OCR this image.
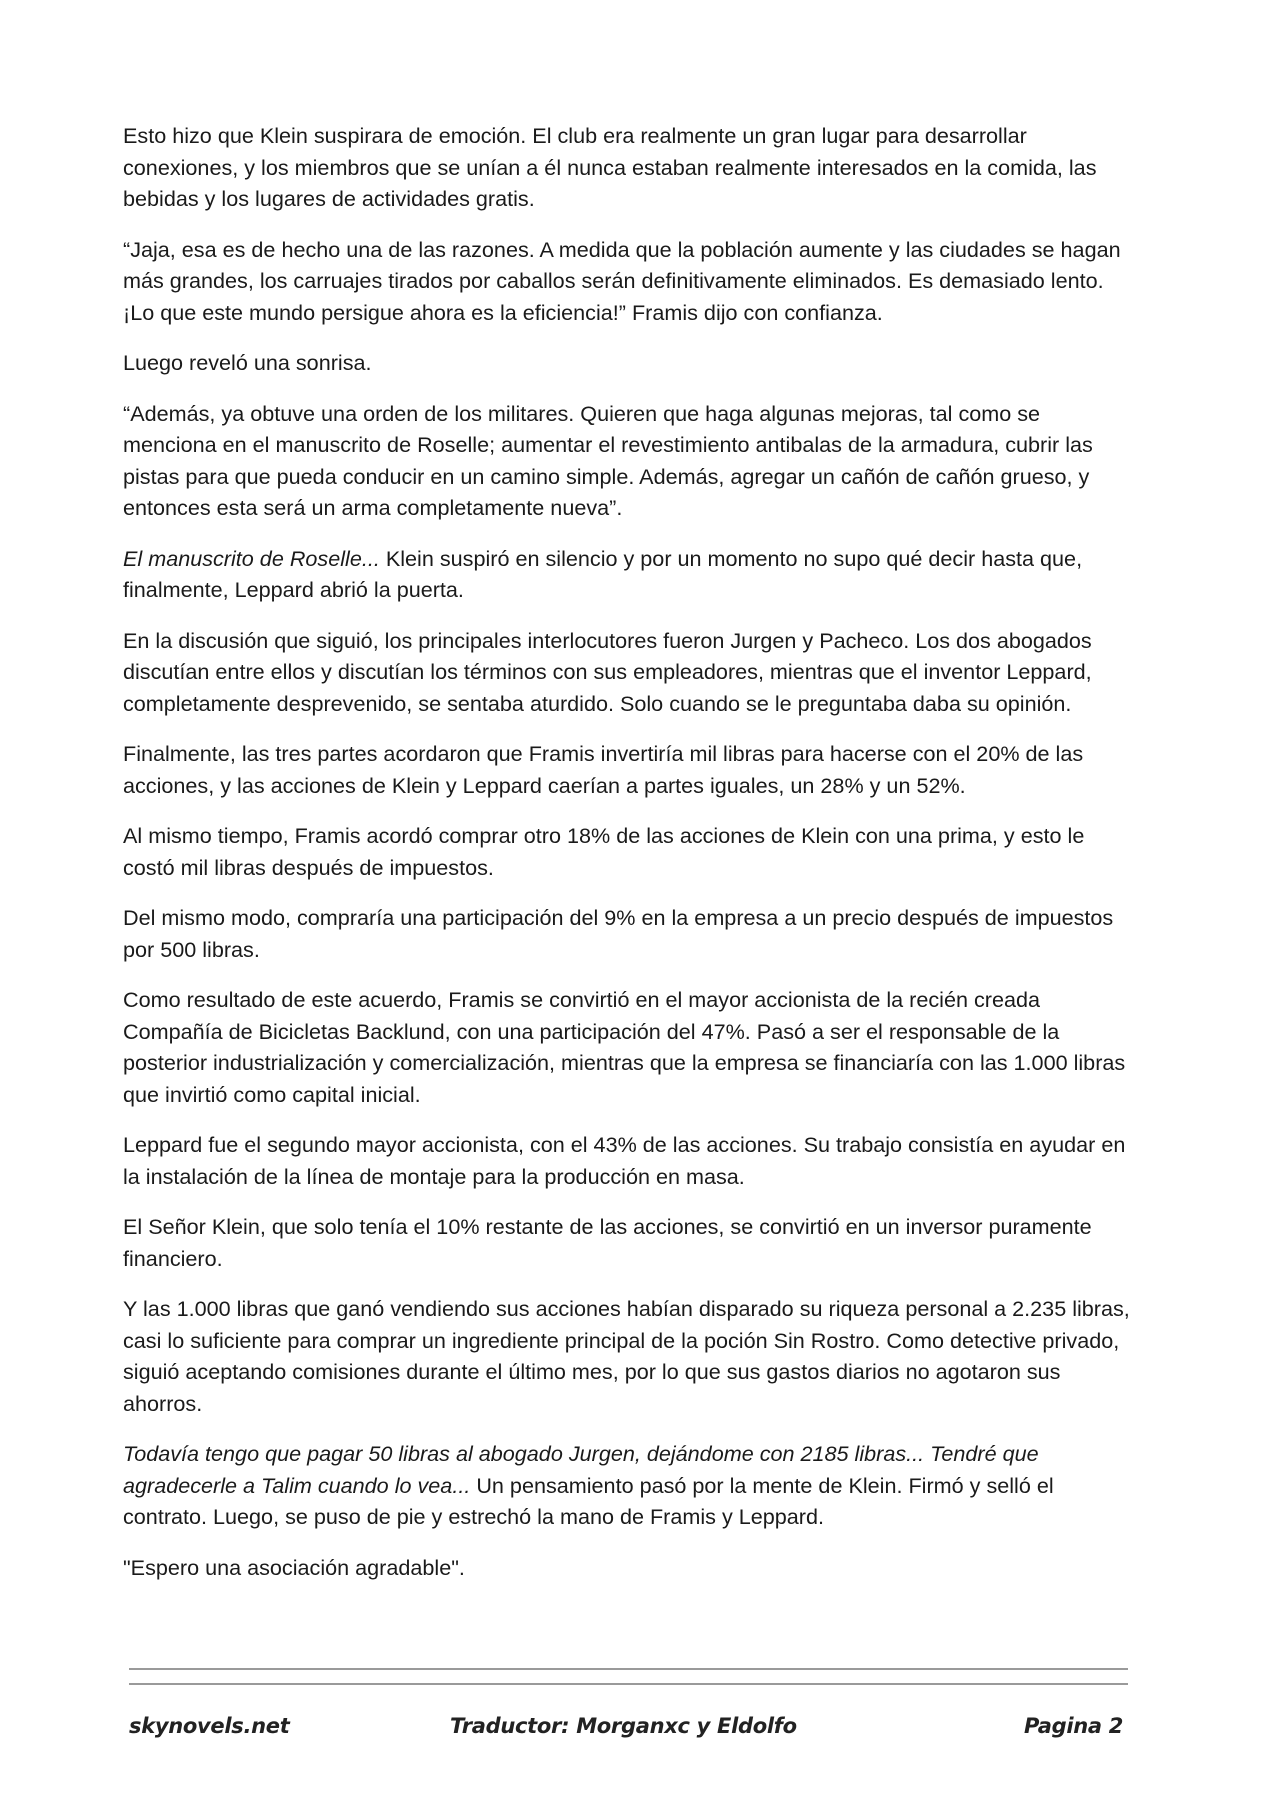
Esto hizo que Klein suspirara de emoción. El club era realmente un gran lugar para desarrollar conexiones, y los miembros que se unían a él nunca estaban realmente interesados en la comida, las bebidas y los lugares de actividades gratis.

“Jaja, esa es de hecho una de las razones. A medida que la población aumente y las ciudades se hagan más grandes, los carruajes tirados por caballos serán definitivamente eliminados. Es demasiado lento. ¡Lo que este mundo persigue ahora es la eficiencia!” Framis dijo con confianza.

Luego reveló una sonrisa.

“Además, ya obtuve una orden de los militares. Quieren que haga algunas mejoras, tal como se menciona en el manuscrito de Roselle; aumentar el revestimiento antibalas de la armadura, cubrir las pistas para que pueda conducir en un camino simple. Además, agregar un cañón de cañón grueso, y entonces esta será un arma completamente nueva”.

El manuscrito de Roselle... Klein suspiró en silencio y por un momento no supo qué decir hasta que, finalmente, Leppard abrió la puerta.

En la discusión que siguió, los principales interlocutores fueron Jurgen y Pacheco. Los dos abogados discutían entre ellos y discutían los términos con sus empleadores, mientras que el inventor Leppard, completamente desprevenido, se sentaba aturdido. Solo cuando se le preguntaba daba su opinión.

Finalmente, las tres partes acordaron que Framis invertiría mil libras para hacerse con el 20% de las acciones, y las acciones de Klein y Leppard caerían a partes iguales, un 28% y un 52%.

Al mismo tiempo, Framis acordó comprar otro 18% de las acciones de Klein con una prima, y esto le costó mil libras después de impuestos.

Del mismo modo, compraría una participación del 9% en la empresa a un precio después de impuestos por 500 libras.

Como resultado de este acuerdo, Framis se convirtió en el mayor accionista de la recién creada Compañía de Bicicletas Backlund, con una participación del 47%. Pasó a ser el responsable de la posterior industrialización y comercialización, mientras que la empresa se financiaría con las 1.000 libras que invirtió como capital inicial.

Leppard fue el segundo mayor accionista, con el 43% de las acciones. Su trabajo consistía en ayudar en la instalación de la línea de montaje para la producción en masa.

El Señor Klein, que solo tenía el 10% restante de las acciones, se convirtió en un inversor puramente financiero.

Y las 1.000 libras que ganó vendiendo sus acciones habían disparado su riqueza personal a 2.235 libras, casi lo suficiente para comprar un ingrediente principal de la poción Sin Rostro. Como detective privado, siguió aceptando comisiones durante el último mes, por lo que sus gastos diarios no agotaron sus ahorros.

Todavía tengo que pagar 50 libras al abogado Jurgen, dejándome con 2185 libras... Tendré que agradecerle a Talim cuando lo vea... Un pensamiento pasó por la mente de Klein. Firmó y selló el contrato. Luego, se puso de pie y estrechó la mano de Framis y Leppard.

"Espero una asociación agradable".

skynovels.net	Traductor: Morganxc y Eldolfo	Pagina 2
